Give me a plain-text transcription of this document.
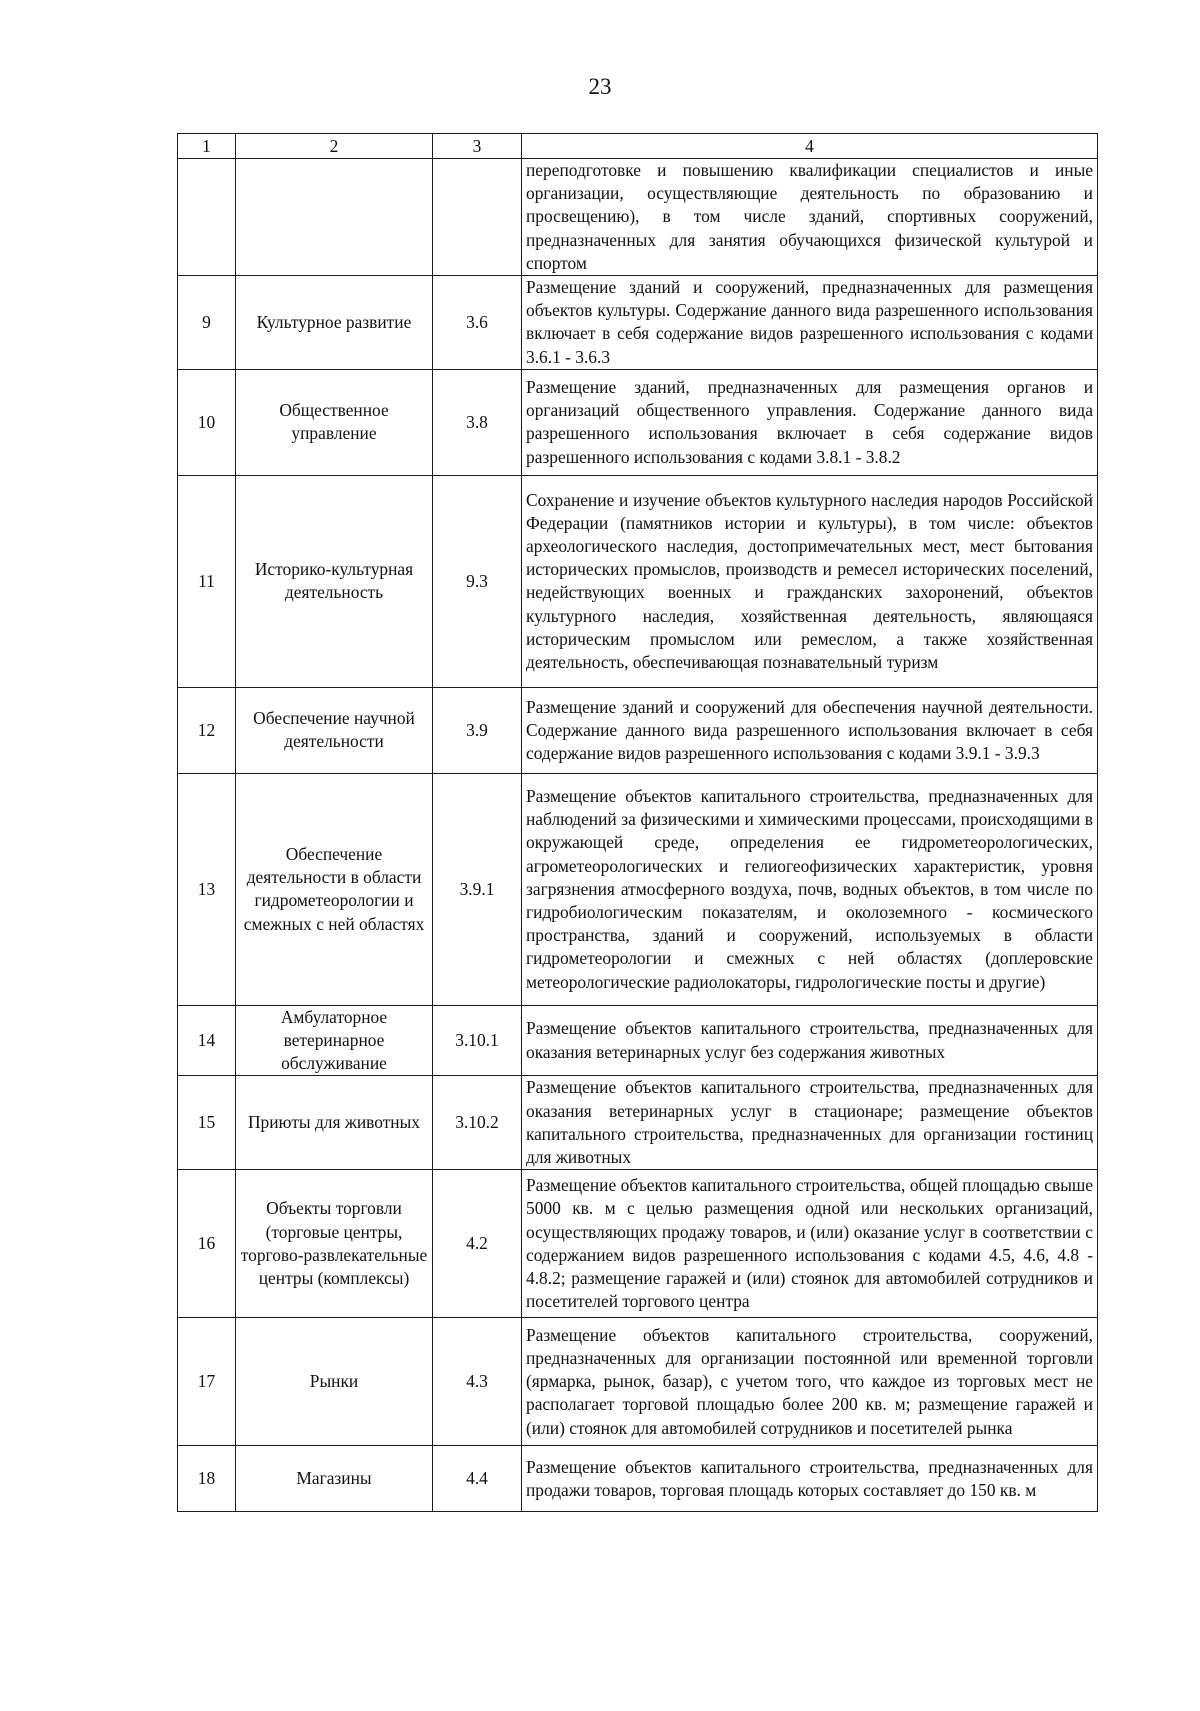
23
1	2	3	4
			переподготовке и повышению квалификации специалистов и иные организации, осуществляющие деятельность по образованию и просвещению), в том числе зданий, спортивных сооружений, предназначенных для занятия обучающихся физической культурой и спортом
9	Культурное развитие	3.6	Размещение зданий и сооружений, предназначенных для размещения объектов культуры. Содержание данного вида разрешенного использования включает в себя содержание видов разрешенного использования с кодами 3.6.1 - 3.6.3
10	Общественное управление	3.8	Размещение зданий, предназначенных для размещения органов и организаций общественного управления. Содержание данного вида разрешенного использования включает в себя содержание видов разрешенного использования с кодами 3.8.1 - 3.8.2
11	Историко-культурная деятельность	9.3	Сохранение и изучение объектов культурного наследия народов Российской Федерации (памятников истории и культуры), в том числе: объектов археологического наследия, достопримечательных мест, мест бытования исторических промыслов, производств и ремесел исторических поселений, недействующих военных и гражданских захоронений, объектов культурного наследия, хозяйственная деятельность, являющаяся историческим промыслом или ремеслом, а также хозяйственная деятельность, обеспечивающая познавательный туризм
12	Обеспечение научной деятельности	3.9	Размещение зданий и сооружений для обеспечения научной деятельности. Содержание данного вида разрешенного использования включает в себя содержание видов разрешенного использования с кодами 3.9.1 - 3.9.3
13	Обеспечение деятельности в области гидрометеорологии и смежных с ней областях	3.9.1	Размещение объектов капитального строительства, предназначенных для наблюдений за физическими и химическими процессами, происходящими в окружающей среде, определения ее гидрометеорологических, агрометеорологических и гелиогеофизических характеристик, уровня загрязнения атмосферного воздуха, почв, водных объектов, в том числе по гидробиологическим показателям, и околоземного - космического пространства, зданий и сооружений, используемых в области гидрометеорологии и смежных с ней областях (доплеровские метеорологические радиолокаторы, гидрологические посты и другие)
14	Амбулаторное ветеринарное обслуживание	3.10.1	Размещение объектов капитального строительства, предназначенных для оказания ветеринарных услуг без содержания животных
15	Приюты для животных	3.10.2	Размещение объектов капитального строительства, предназначенных для оказания ветеринарных услуг в стационаре; размещение объектов капитального строительства, предназначенных для организации гостиниц для животных
16	Объекты торговли (торговые центры, торгово-развлекательные центры (комплексы)	4.2	Размещение объектов капитального строительства, общей площадью свыше 5000 кв. м с целью размещения одной или нескольких организаций, осуществляющих продажу товаров, и (или) оказание услуг в соответствии с содержанием видов разрешенного использования с кодами 4.5, 4.6, 4.8 - 4.8.2; размещение гаражей и (или) стоянок для автомобилей сотрудников и посетителей торгового центра
17	Рынки	4.3	Размещение объектов капитального строительства, сооружений, предназначенных для организации постоянной или временной торговли (ярмарка, рынок, базар), с учетом того, что каждое из торговых мест не располагает торговой площадью более 200 кв. м; размещение гаражей и (или) стоянок для автомобилей сотрудников и посетителей рынка
18	Магазины	4.4	Размещение объектов капитального строительства, предназначенных для продажи товаров, торговая площадь которых составляет до 150 кв. м
